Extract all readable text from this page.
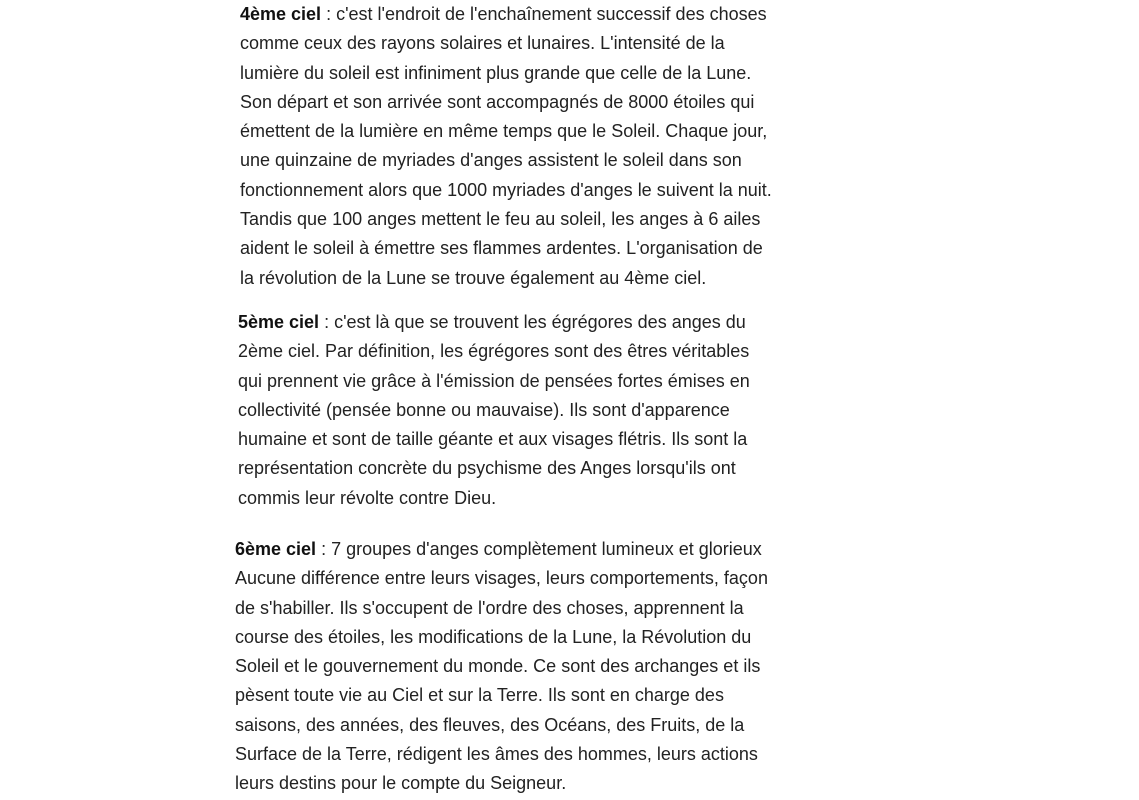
4ème ciel : c'est l'endroit de l'enchaînement successif des choses
comme ceux des rayons solaires et lunaires. L'intensité de la
lumière du soleil est infiniment plus grande que celle de la Lune.
Son départ et son arrivée sont accompagnés de 8000 étoiles qui
émettent de la lumière en même temps que le Soleil. Chaque jour,
une quinzaine de myriades d'anges assistent le soleil dans son
fonctionnement alors que 1000 myriades d'anges le suivent la nuit.
Tandis que 100 anges mettent le feu au soleil, les anges à 6 ailes
aident le soleil à émettre ses flammes ardentes. L'organisation de
la révolution de la Lune se trouve également au 4ème ciel.
5ème ciel : c'est là que se trouvent les égrégores des anges du
2ème ciel. Par définition, les égrégores sont des êtres véritables
qui prennent vie grâce à l'émission de pensées fortes émises en
collectivité (pensée bonne ou mauvaise). Ils sont d'apparence
humaine et sont de taille géante et aux visages flétris. Ils sont la
représentation concrète du psychisme des Anges lorsqu'ils ont
commis leur révolte contre Dieu.
6ème ciel : 7 groupes d'anges complètement lumineux et glorieux
Aucune différence entre leurs visages, leurs comportements, façon
de s'habiller. Ils s'occupent de l'ordre des choses, apprennent la
course des étoiles, les modifications de la Lune, la Révolution du
Soleil et le gouvernement du monde. Ce sont des archanges et ils
pèsent toute vie au Ciel et sur la Terre. Ils sont en charge des
saisons, des années, des fleuves, des Océans, des Fruits, de la
Surface de la Terre, rédigent les âmes des hommes, leurs actions
leurs destins pour le compte du Seigneur.
